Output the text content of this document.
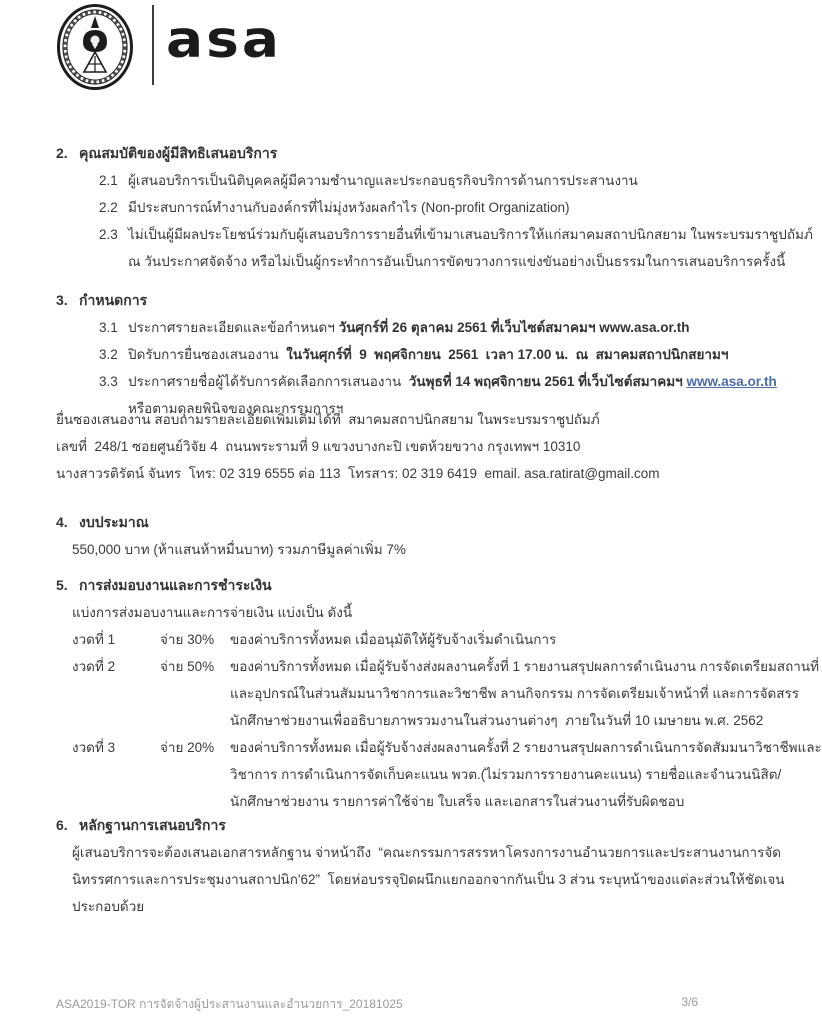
asa
2. คุณสมบัติของผู้มีสิทธิเสนอบริการ
2.1 ผู้เสนอบริการเป็นนิติบุคคลผู้มีความชำนาญและประกอบธุรกิจบริการด้านการประสานงาน
2.2 มีประสบการณ์ทำงานกับองค์กรที่ไม่มุ่งหวังผลกำไร (Non-profit Organization)
2.3 ไม่เป็นผู้มีผลประโยชน์ร่วมกับผู้เสนอบริการรายอื่นที่เข้ามาเสนอบริการให้แก่สมาคมสถาปนิกสยาม ในพระบรมราชูปถัมภ์
ณ วันประกาศจัดจ้าง หรือไม่เป็นผู้กระทำการอันเป็นการขัดขวางการแข่งขันอย่างเป็นธรรมในการเสนอบริการครั้งนี้
3. กำหนดการ
3.1 ประกาศรายละเอียดและข้อกำหนดฯ วันศุกร์ที่ 26 ตุลาคม 2561 ที่เว็บไซต์สมาคมฯ www.asa.or.th
3.2 ปิดรับการยื่นซองเสนองาน  ในวันศุกร์ที่  9  พฤศจิกายน  2561  เวลา 17.00 น.  ณ  สมาคมสถาปนิกสยามฯ
3.3 ประกาศรายชื่อผู้ได้รับการคัดเลือกการเสนองาน  วันพุธที่ 14 พฤศจิกายน 2561 ที่เว็บไซต์สมาคมฯ www.asa.or.th
หรือตามดุลยพินิจของคณะกรรมการฯ
ยื่นซองเสนองาน สอบถามรายละเอียดเพิ่มเติมได้ที่  สมาคมสถาปนิกสยาม ในพระบรมราชูปถัมภ์
เลขที่  248/1 ซอยศูนย์วิจัย 4  ถนนพระรามที่ 9 แขวงบางกะปิ เขตห้วยขวาง กรุงเทพฯ 10310
นางสาวรติรัตน์ จันทร  โทร: 02 319 6555 ต่อ 113  โทรสาร: 02 319 6419  email. asa.ratirat@gmail.com
4. งบประมาณ
550,000 บาท (ห้าแสนห้าหมื่นบาท) รวมภาษีมูลค่าเพิ่ม 7%
5. การส่งมอบงานและการชำระเงิน
แบ่งการส่งมอบงานและการจ่ายเงิน แบ่งเป็น ดังนี้
งวดที่ 1	จ่าย 30% ของค่าบริการทั้งหมด เมื่ออนุมัติให้ผู้รับจ้างเริ่มดำเนินการ
งวดที่ 2	จ่าย 50% ของค่าบริการทั้งหมด เมื่อผู้รับจ้างส่งผลงานครั้งที่ 1 รายงานสรุปผลการดำเนินงาน การจัดเตรียมสถานที่
และอุปกรณ์ในส่วนสัมมนาวิชาการและวิชาชีพ ลานกิจกรรม การจัดเตรียมเจ้าหน้าที่ และการจัดสรร
นักศึกษาช่วยงานเพื่ออธิบายภาพรวมงานในส่วนงานต่างๆ  ภายในวันที่ 10 เมษายน พ.ศ. 2562
งวดที่ 3	จ่าย 20% ของค่าบริการทั้งหมด เมื่อผู้รับจ้างส่งผลงานครั้งที่ 2 รายงานสรุปผลการดำเนินการจัดสัมมนาวิชาชีพและ
วิชาการ การดำเนินการจัดเก็บคะแนน พวต.(ไม่รวมการรายงานคะแนน) รายชื่อและจำนวนนิสิต/
นักศึกษาช่วยงาน รายการค่าใช้จ่าย ใบเสร็จ และเอกสารในส่วนงานที่รับผิดชอบ
6. หลักฐานการเสนอบริการ
ผู้เสนอบริการจะต้องเสนอเอกสารหลักฐาน จ่าหน้าถึง  “คณะกรรมการสรรหาโครงการงานอำนวยการและประสานงานการจัด
นิทรรศการและการประชุมงานสถาปนิก'62”  โดยห่อบรรจุปิดผนึกแยกออกจากกันเป็น 3 ส่วน ระบุหน้าของแต่ละส่วนให้ชัดเจน
ประกอบด้วย
ASA2019-TOR การจัดจ้างผู้ประสานงานและอำนวยการ_20181025	3/6
